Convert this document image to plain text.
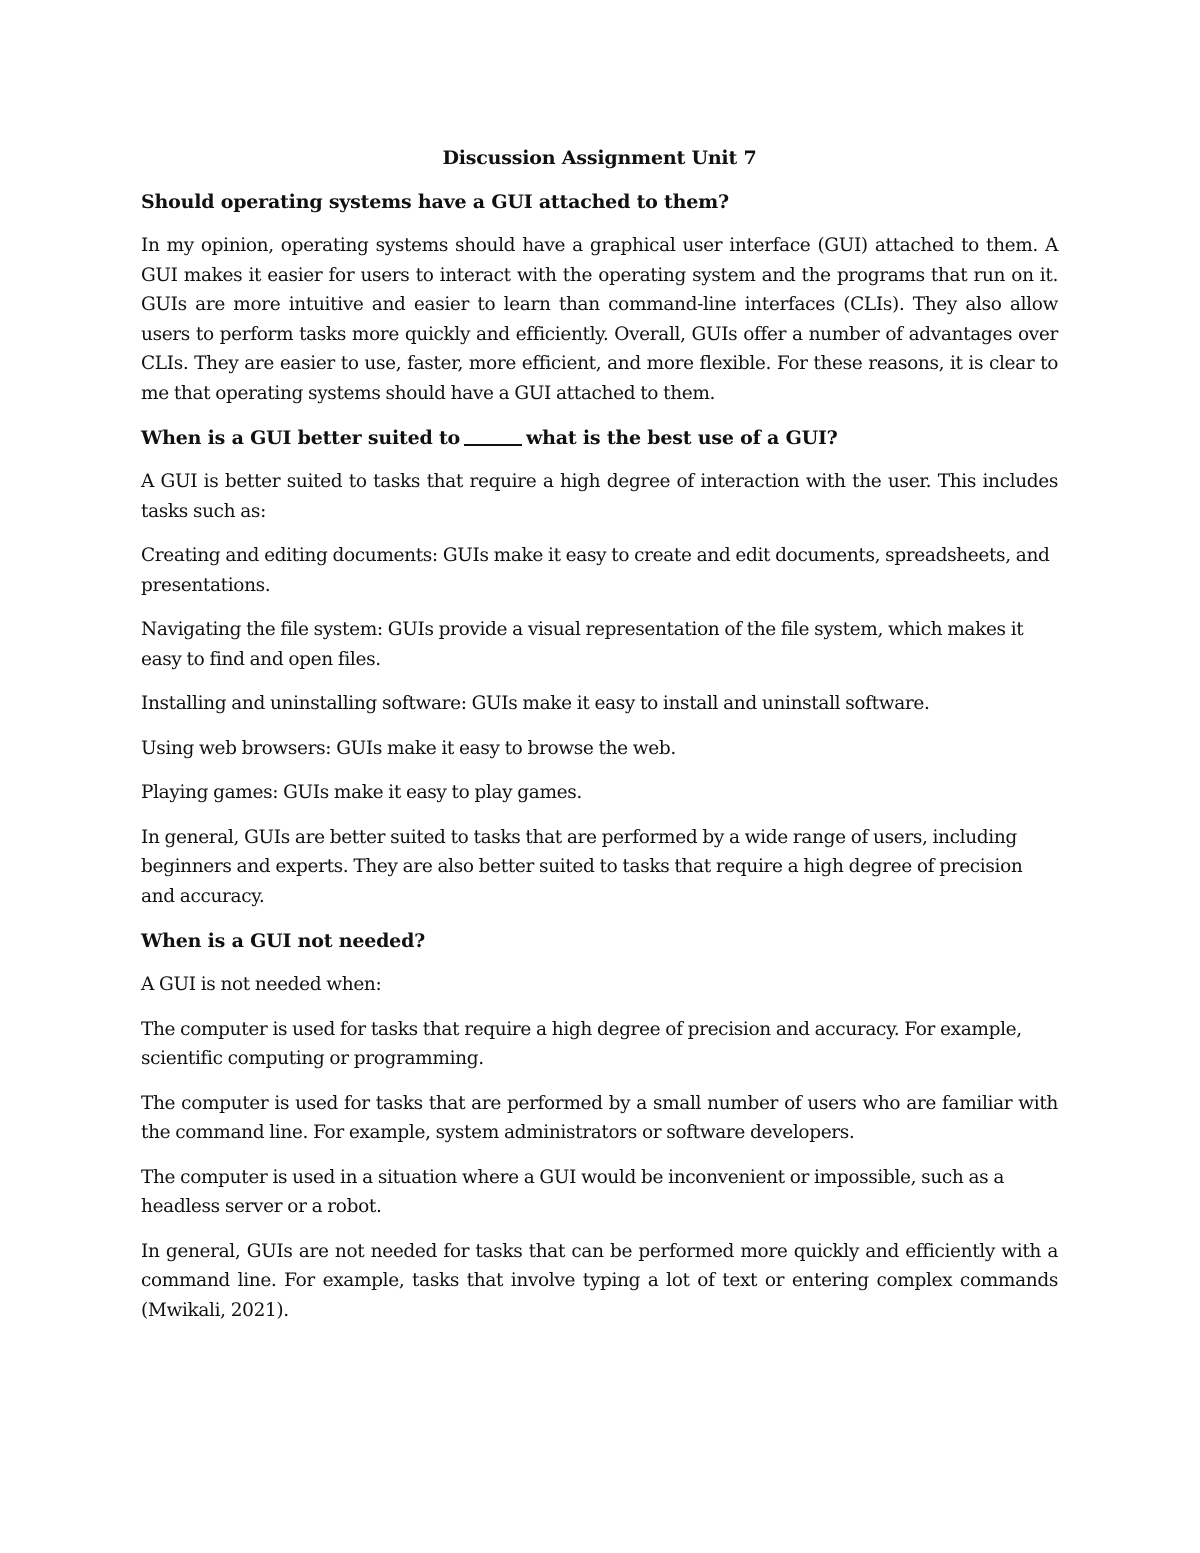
Discussion Assignment Unit 7
Should operating systems have a GUI attached to them?

In my opinion, operating systems should have a graphical user interface (GUI) attached to them. A GUI makes it easier for users to interact with the operating system and the programs that run on it. GUIs are more intuitive and easier to learn than command-line interfaces (CLIs). They also allow users to perform tasks more quickly and efficiently. Overall, GUIs offer a number of advantages over CLIs. They are easier to use, faster, more efficient, and more flexible. For these reasons, it is clear to me that operating systems should have a GUI attached to them.

When is a GUI better suited to	what is the best use of a GUI?

A GUI is better suited to tasks that require a high degree of interaction with the user. This includes tasks such as:

Creating and editing documents: GUIs make it easy to create and edit documents, spreadsheets, and presentations.

Navigating the file system: GUIs provide a visual representation of the file system, which makes it easy to find and open files.

Installing and uninstalling software: GUIs make it easy to install and uninstall software.

Using web browsers: GUIs make it easy to browse the web.

Playing games: GUIs make it easy to play games.

In general, GUIs are better suited to tasks that are performed by a wide range of users, including beginners and experts. They are also better suited to tasks that require a high degree of precision and accuracy.

When is a GUI not needed?

A GUI is not needed when:

The computer is used for tasks that require a high degree of precision and accuracy. For example, scientific computing or programming.

The computer is used for tasks that are performed by a small number of users who are familiar with the command line. For example, system administrators or software developers.

The computer is used in a situation where a GUI would be inconvenient or impossible, such as a headless server or a robot.

In general, GUIs are not needed for tasks that can be performed more quickly and efficiently with a command line. For example, tasks that involve typing a lot of text or entering complex commands (Mwikali, 2021).
